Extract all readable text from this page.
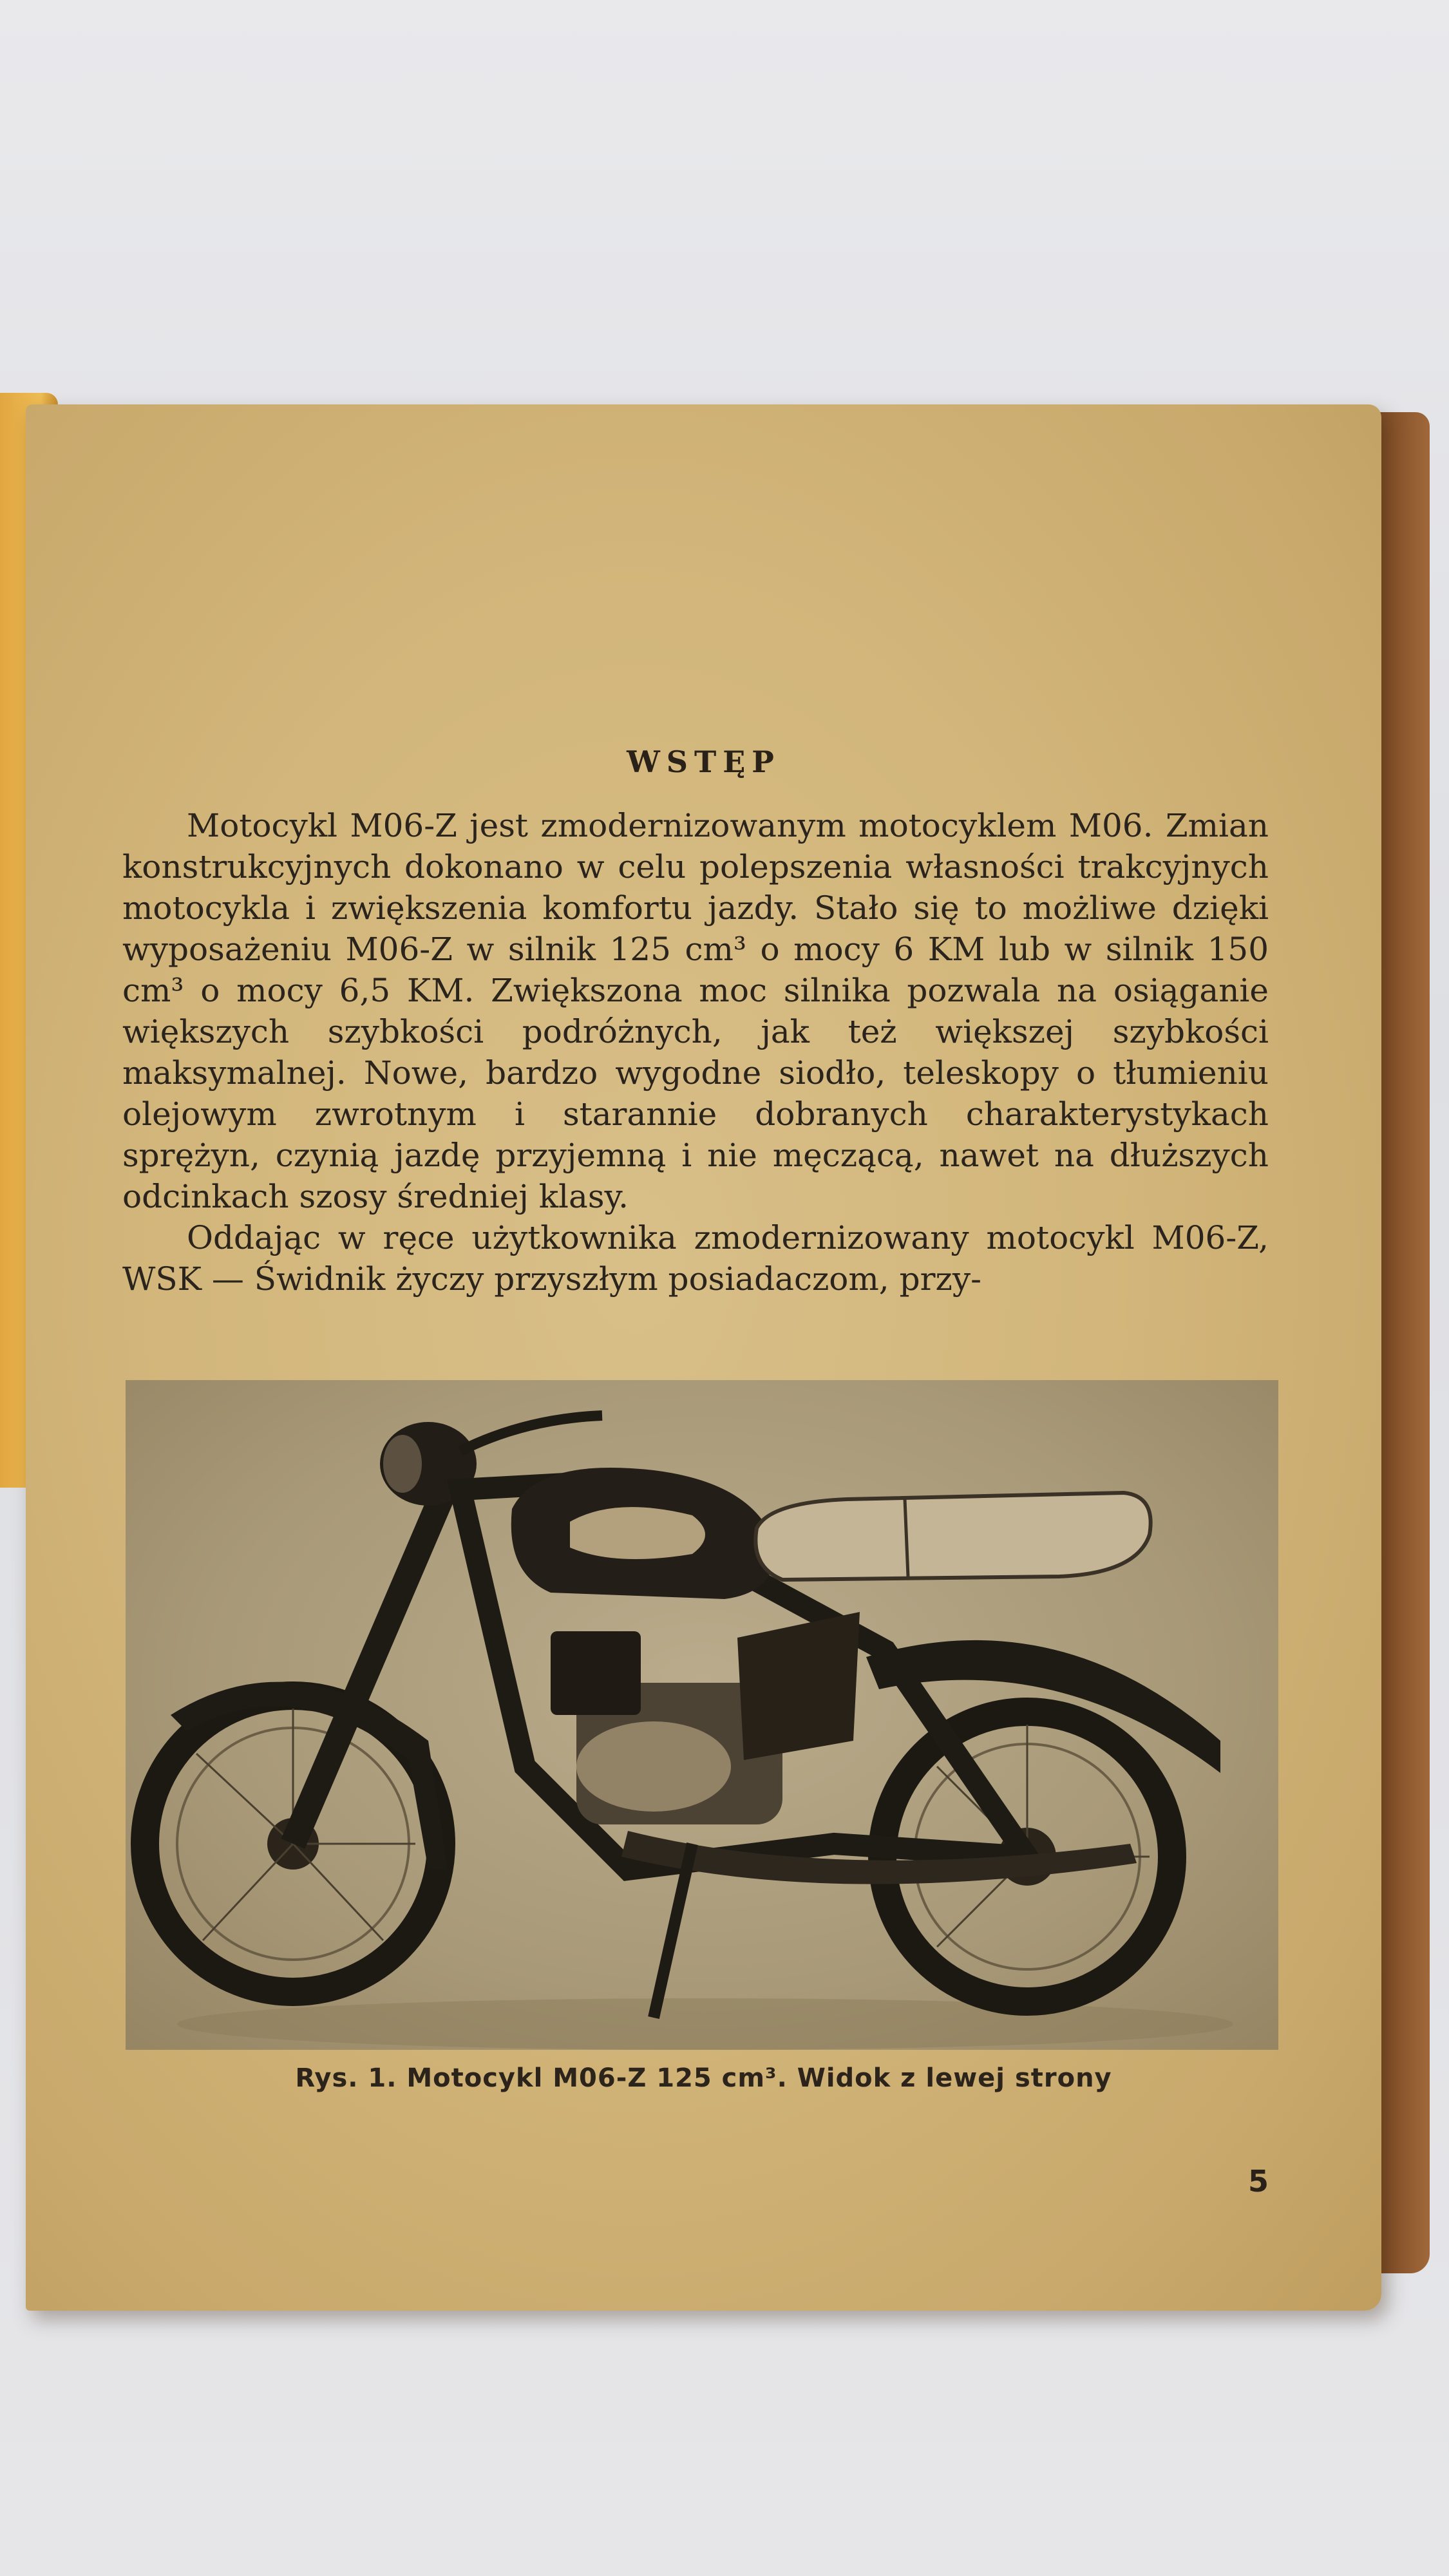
WSTĘP

Motocykl M06-Z jest zmodernizowanym motocyklem M06. Zmian konstrukcyjnych dokonano w celu polepszenia własności trakcyjnych motocykla i zwiększenia komfortu jazdy. Stało się to możliwe dzięki wyposażeniu M06-Z w silnik 125 cm³ o mocy 6 KM lub w silnik 150 cm³ o mocy 6,5 KM. Zwiększona moc silnika pozwala na osiąganie większych szybkości podróżnych, jak też większej szybkości maksymalnej. Nowe, bardzo wygodne siodło, teleskopy o tłumieniu olejowym zwrotnym i starannie dobranych charakterystykach sprężyn, czynią jazdę przyjemną i nie męczącą, nawet na dłuższych odcinkach szosy średniej klasy.

Oddając w ręce użytkownika zmodernizowany motocykl M06-Z, WSK — Świdnik życzy przyszłym posiadaczom, przy-

Rys. 1. Motocykl M06-Z 125 cm³. Widok z lewej strony
5
